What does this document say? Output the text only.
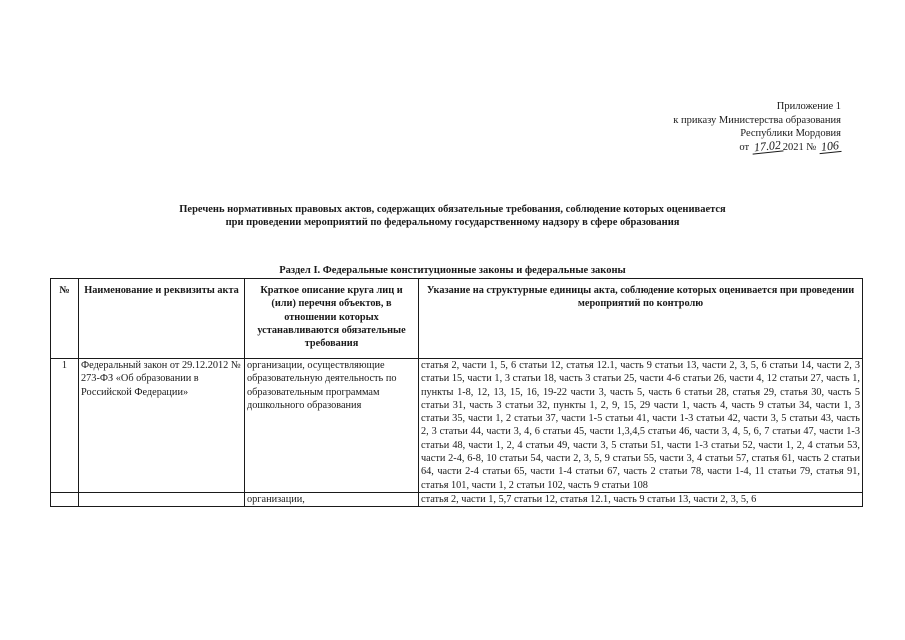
Приложение 1
к приказу Министерства образования
Республики Мордовия
от 17.022021 № 106
Перечень нормативных правовых актов, содержащих обязательные требования, соблюдение которых оценивается при проведении мероприятий по федеральному государственному надзору в сфере образования
Раздел I. Федеральные конституционные законы и федеральные законы
№	Наименование и реквизиты акта	Краткое описание круга лиц и (или) перечня объектов, в отношении которых устанавливаются обязательные требования	Указание на структурные единицы акта, соблюдение которых оценивается при проведении мероприятий по контролю
1	Федеральный закон от 29.12.2012 № 273-ФЗ «Об образовании в Российской Федерации»	организации, осуществляющие образовательную деятельность по образовательным программам дошкольного образования	статья 2, части 1, 5, 6 статьи 12, статья 12.1, часть 9 статьи 13, части 2, 3, 5, 6 статьи 14, части 2, 3 статьи 15, части 1, 3 статьи 18, часть 3 статьи 25, части 4-6 статьи 26, части 4, 12 статьи 27, часть 1, пункты 1-8, 12, 13, 15, 16, 19-22 части 3, часть 5, часть 6 статьи 28, статья 29, статья 30, часть 5 статьи 31, часть 3 статьи 32, пункты 1, 2, 9, 15, 29 части 1, часть 4, часть 9 статьи 34, части 1, 3 статьи 35, части 1, 2 статьи 37, части 1-5 статьи 41, части 1-3 статьи 42, части 3, 5 статьи 43, часть 2, 3 статьи 44, части 3, 4, 6 статьи 45, части 1,3,4,5 статьи 46, части 3, 4, 5, 6, 7 статьи 47, части 1-3 статьи 48, части 1, 2, 4 статьи 49, части 3, 5 статьи 51, части 1-3 статьи 52, части 1, 2, 4 статьи 53, части 2-4, 6-8, 10 статьи 54, части 2, 3, 5, 9 статьи 55, части 3, 4 статьи 57, статья 61, часть 2 статьи 64, части 2-4 статьи 65, части 1-4 статьи 67, часть 2 статьи 78, части 1-4, 11 статьи 79, статья 91, статья 101, части 1, 2 статьи 102, часть 9 статьи 108
		организации,	статья 2, части 1, 5,7 статьи 12, статья 12.1, часть 9 статьи 13, части 2, 3, 5, 6
